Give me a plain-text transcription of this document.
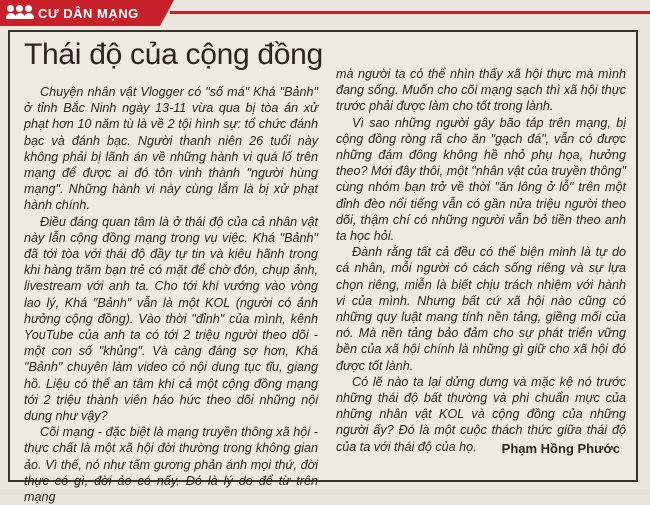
CƯ DÂN MẠNG
Thái độ của cộng đồng

Chuyện nhân vật Vlogger có "số má" Khá "Bảnh" ở tỉnh Bắc Ninh ngày 13-11 vừa qua bị tòa án xử phạt hơn 10 năm tù là về 2 tội hình sự: tổ chức đánh bạc và đánh bạc. Người thanh niên 26 tuổi này không phải bị lãnh án về những hành vi quá lố trên mạng để được ai đó tôn vinh thành "người hùng mạng". Những hành vi này cùng lắm là bị xử phạt hành chính.

Điều đáng quan tâm là ở thái độ của cả nhân vật này lẫn cộng đồng mạng trong vụ việc. Khá "Bảnh" đã tới tòa với thái độ đầy tự tin và kiêu hãnh trong khi hàng trăm bạn trẻ có mặt để chờ đón, chụp ảnh, livestream với anh ta. Cho tới khi vướng vào vòng lao lý, Khá "Bảnh" vẫn là một KOL (người có ảnh hưởng cộng đồng). Vào thời "đỉnh" của mình, kênh YouTube của anh ta có tới 2 triệu người theo dõi - một con số "khủng". Và càng đáng sợ hơn, Khá "Bảnh" chuyên làm video có nội dung tục tĩu, giang hồ. Liệu có thể an tâm khi cả một cộng đồng mạng tới 2 triệu thành viên háo hức theo dõi những nội dung như vậy?

Cõi mạng - đặc biệt là mạng truyền thông xã hội - thực chất là một xã hội đời thường trong không gian ảo. Vì thế, nó như tấm gương phản ánh mọi thứ, đời thực có gì, đời ảo có nấy. Đó là lý do để từ trên mạng

mà người ta có thể nhìn thấy xã hội thực mà mình đang sống. Muốn cho cõi mạng sạch thì xã hội thực trước phải được làm cho tốt trong lành.

Vì sao những người gây bão táp trên mạng, bị cộng đồng ròng rã cho ăn "gạch đá", vẫn có được những đám đông không hề nhỏ phụ họa, hưởng theo? Mới đây thôi, một "nhân vật của truyền thông" cùng nhóm bạn trở về thời "ăn lông ở lỗ" trên một đỉnh đèo nổi tiếng vẫn có gần nửa triệu người theo dõi, thậm chí có những người vẫn bỏ tiền theo anh ta học hỏi.

Đành rằng tất cả đều có thể biện minh là tự do cá nhân, mỗi người có cách sống riêng và sự lựa chọn riêng, miễn là biết chịu trách nhiệm với hành vi của mình. Nhưng bất cứ xã hội nào cũng có những quy luật mang tính nền tảng, giềng mối của nó. Mà nền tảng bảo đảm cho sự phát triển vững bền của xã hội chính là những gì giữ cho xã hội đó được tốt lành.

Có lẽ nào ta lại dửng dưng và mặc kệ nó trước những thái độ bất thường và phi chuẩn mực của những nhân vật KOL và cộng đồng của những người ấy? Đó là một cuộc thách thức giữa thái độ của ta với thái độ của họ.	Phạm Hồng Phước
